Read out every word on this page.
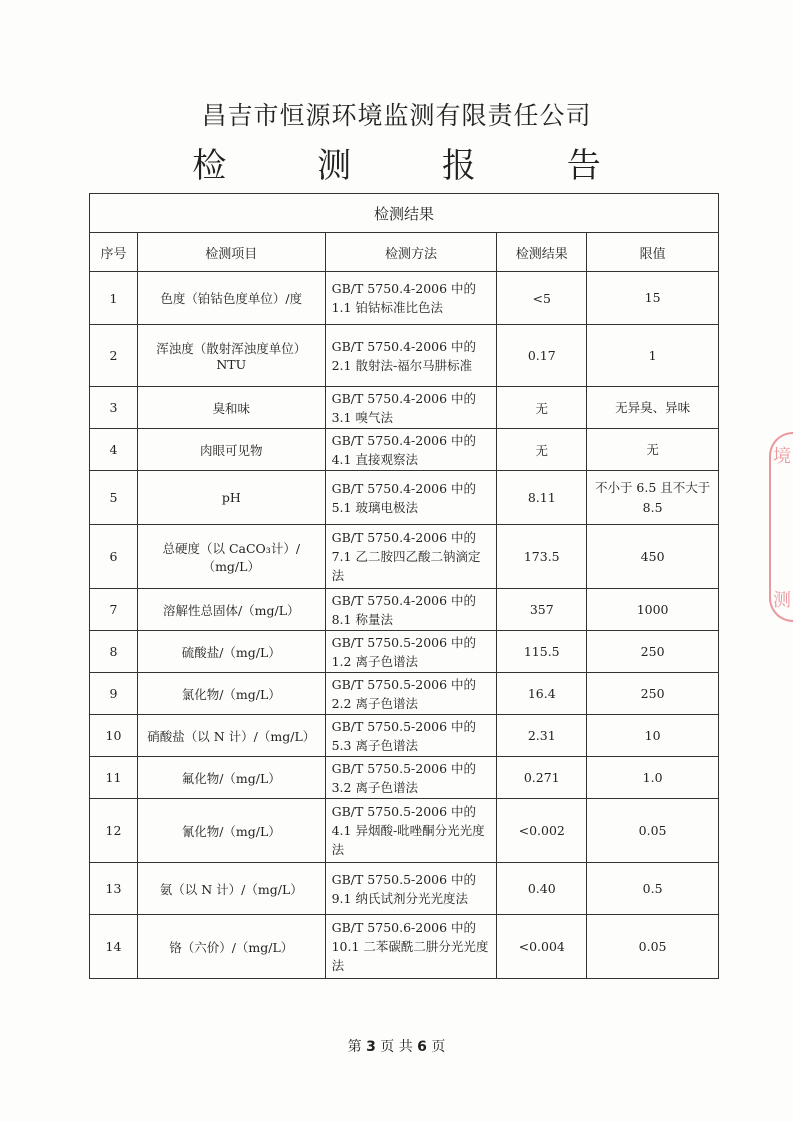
昌吉市恒源环境监测有限责任公司
检 测 报 告
检测结果				
序号	检测项目	检测方法	检测结果	限值
1	色度（铂钴色度单位）/度	GB/T 5750.4-2006 中的 1.1 铂钴标准比色法	<5	15
2	浑浊度（散射浑浊度单位）NTU	GB/T 5750.4-2006 中的 2.1 散射法-福尔马肼标准	0.17	1
3	臭和味	GB/T 5750.4-2006 中的 3.1 嗅气法	无	无异臭、异味
4	肉眼可见物	GB/T 5750.4-2006 中的 4.1 直接观察法	无	无
5	pH	GB/T 5750.4-2006 中的 5.1 玻璃电极法	8.11	不小于 6.5 且不大于 8.5
6	总硬度（以 CaCO₃计）/（mg/L）	GB/T 5750.4-2006 中的 7.1 乙二胺四乙酸二钠滴定法	173.5	450
7	溶解性总固体/（mg/L）	GB/T 5750.4-2006 中的 8.1 称量法	357	1000
8	硫酸盐/（mg/L）	GB/T 5750.5-2006 中的 1.2 离子色谱法	115.5	250
9	氯化物/（mg/L）	GB/T 5750.5-2006 中的 2.2 离子色谱法	16.4	250
10	硝酸盐（以 N 计）/（mg/L）	GB/T 5750.5-2006 中的 5.3 离子色谱法	2.31	10
11	氟化物/（mg/L）	GB/T 5750.5-2006 中的 3.2 离子色谱法	0.271	1.0
12	氰化物/（mg/L）	GB/T 5750.5-2006 中的 4.1 异烟酸-吡唑酮分光光度法	<0.002	0.05
13	氨（以 N 计）/（mg/L）	GB/T 5750.5-2006 中的 9.1 纳氏试剂分光光度法	0.40	0.5
14	铬（六价）/（mg/L）	GB/T 5750.6-2006 中的 10.1 二苯碳酰二肼分光光度法	<0.004	0.05
第 3 页 共 6 页
境
测
